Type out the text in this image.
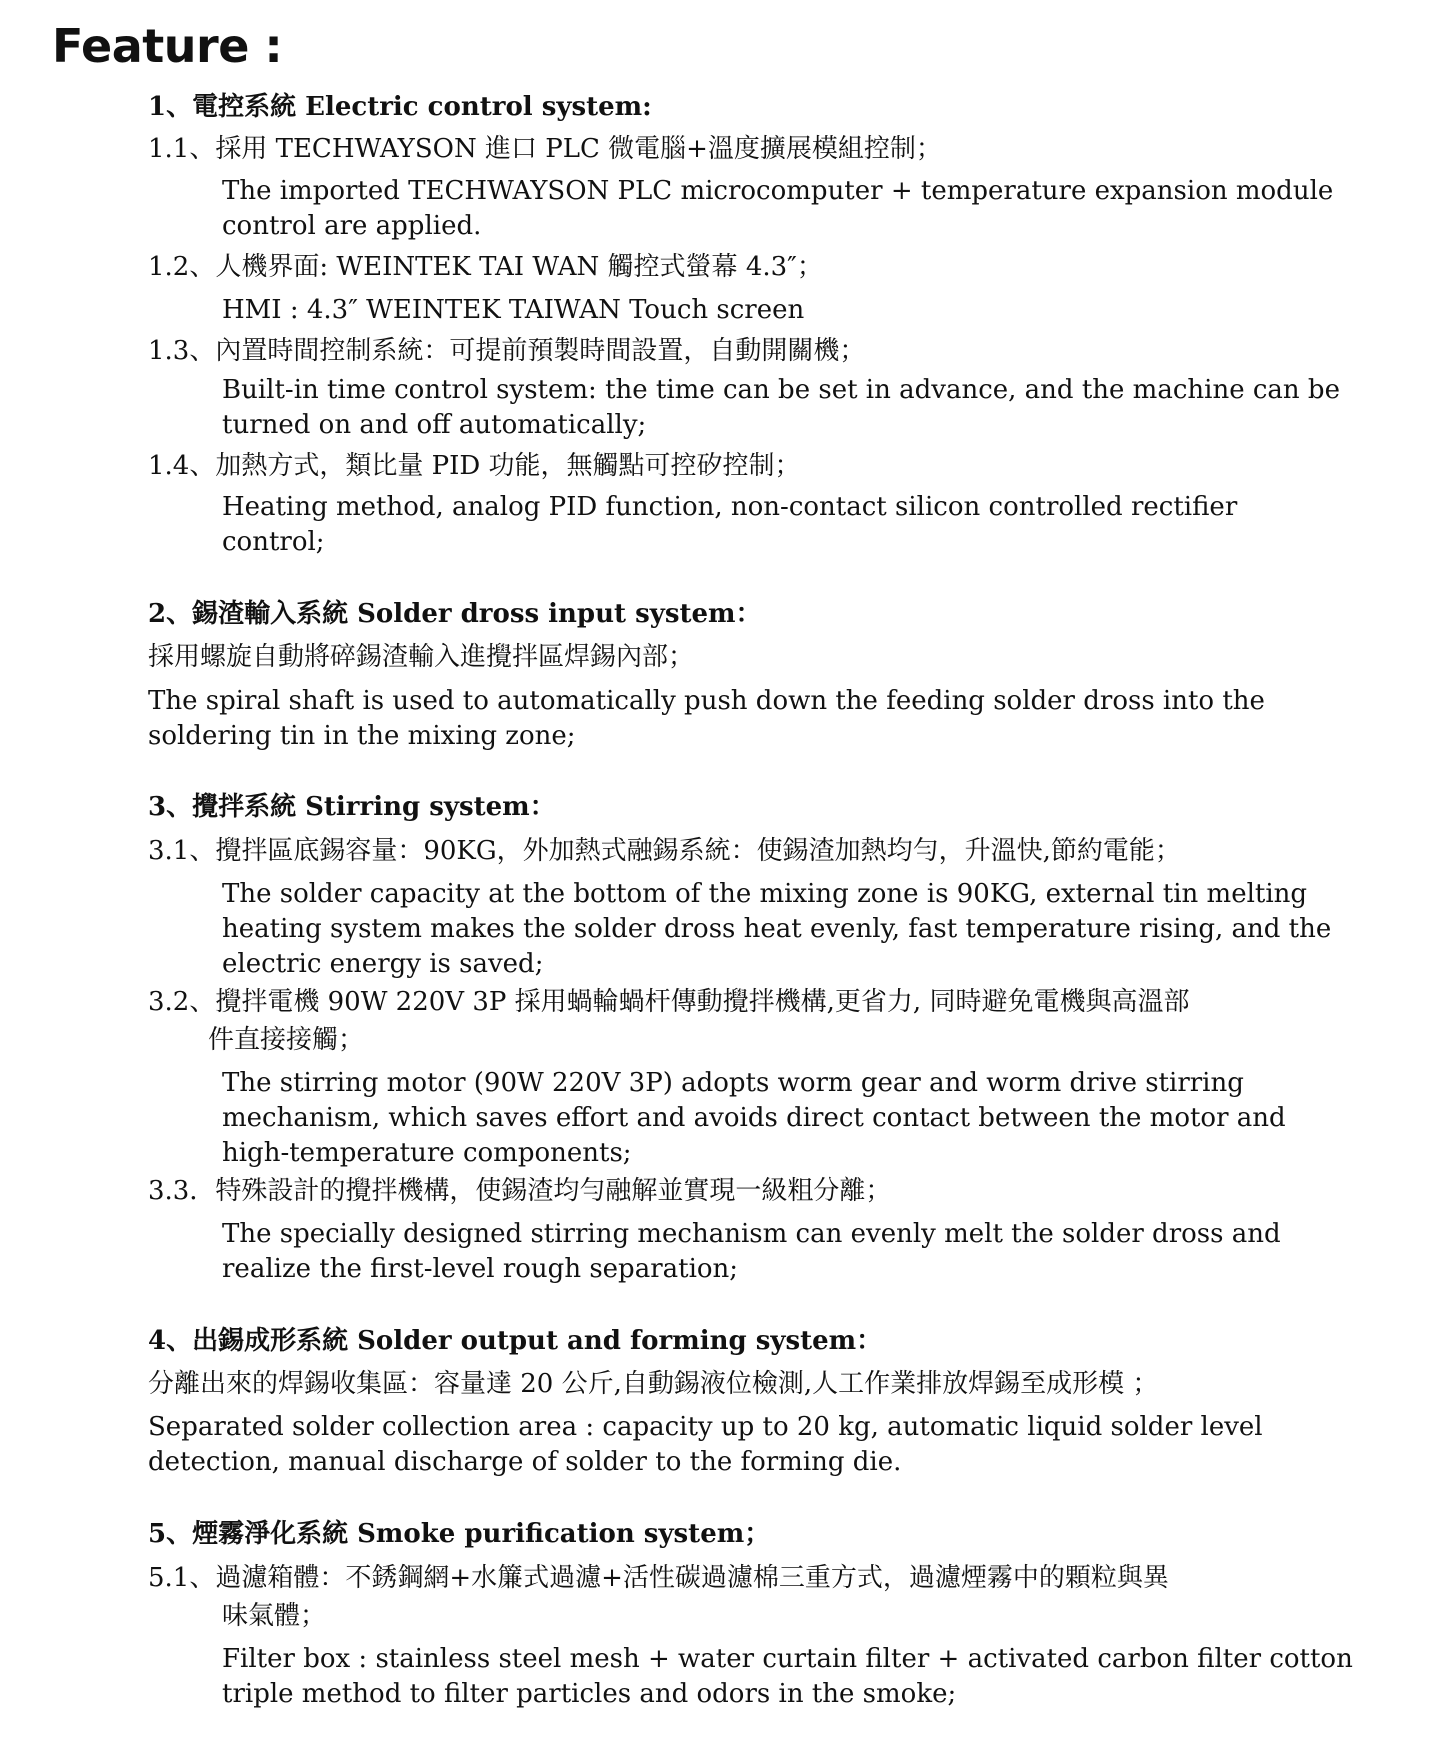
Feature :

1、電控系統 Electric control system:

1.1、採用 TECHWAYSON 進口 PLC 微電腦+溫度擴展模組控制；

The imported TECHWAYSON PLC microcomputer + temperature expansion module

control are applied.

1.2、人機界面: WEINTEK TAI WAN 觸控式螢幕 4.3″；

HMI : 4.3″ WEINTEK TAIWAN Touch screen

1.3、內置時間控制系統：可提前預製時間設置，自動開關機；

Built-in time control system: the time can be set in advance, and the machine can be

turned on and off automatically;

1.4、加熱方式，類比量 PID 功能，無觸點可控矽控制；

Heating method, analog PID function, non-contact silicon controlled rectifier

control;

2、錫渣輸入系統 Solder dross input system：

採用螺旋自動將碎錫渣輸入進攪拌區焊錫內部；

The spiral shaft is used to automatically push down the feeding solder dross into the

soldering tin in the mixing zone;

3、攪拌系統 Stirring system：

3.1、攪拌區底錫容量：90KG，外加熱式融錫系統：使錫渣加熱均勻，升溫快,節約電能；

The solder capacity at the bottom of the mixing zone is 90KG, external tin melting

heating system makes the solder dross heat evenly, fast temperature rising, and the

electric energy is saved;

3.2、攪拌電機 90W 220V 3P 採用蝸輪蝸杆傳動攪拌機構,更省力, 同時避免電機與高溫部

件直接接觸；

The stirring motor (90W 220V 3P) adopts worm gear and worm drive stirring

mechanism, which saves effort and avoids direct contact between the motor and

high-temperature components;

3.3．特殊設計的攪拌機構，使錫渣均勻融解並實現一級粗分離；

The specially designed stirring mechanism can evenly melt the solder dross and

realize the first-level rough separation;

4、出錫成形系統 Solder output and forming system：

分離出來的焊錫收集區：容量達 20 公斤,自動錫液位檢測,人工作業排放焊錫至成形模 ；

Separated solder collection area : capacity up to 20 kg, automatic liquid solder level

detection, manual discharge of solder to the forming die.

5、煙霧淨化系統 Smoke purification system；

5.1、過濾箱體：不銹鋼網+水簾式過濾+活性碳過濾棉三重方式，過濾煙霧中的顆粒與異

味氣體；

Filter box : stainless steel mesh + water curtain filter + activated carbon filter cotton

triple method to filter particles and odors in the smoke;
